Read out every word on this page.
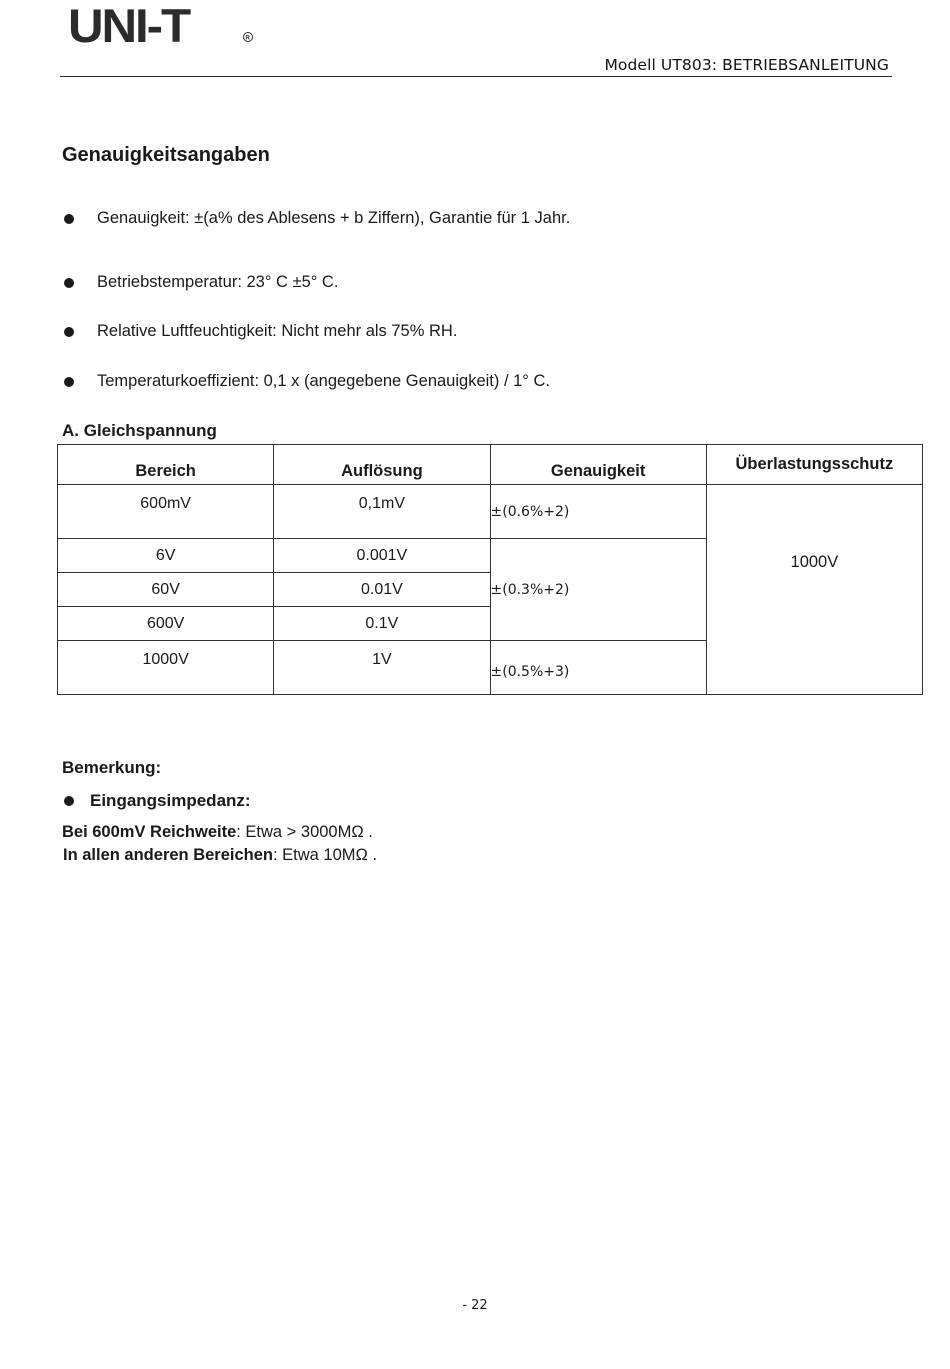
UNI-T	R
Modell UT803: BETRIEBSANLEITUNG
Genauigkeitsangaben
Genauigkeit: ±(a% des Ablesens + b Ziffern), Garantie für 1 Jahr.
Betriebstemperatur: 23° C ±5° C.
Relative Luftfeuchtigkeit: Nicht mehr als 75% RH.
Temperaturkoeffizient: 0,1 x (angegebene Genauigkeit) / 1° C.
A. Gleichspannung
Bereich	Auflösung	Genauigkeit	Überlastungsschutz
600mV	0,1mV	±(0.6%+2)	1000V
6V	0.001V	±(0.3%+2)	
60V	0.01V		
600V	0.1V		
1000V	1V	±(0.5%+3)	
Bemerkung:
Eingangsimpedanz:
Bei 600mV Reichweite: Etwa > 3000MΩ .
In allen anderen Bereichen: Etwa 10MΩ .
- 22
